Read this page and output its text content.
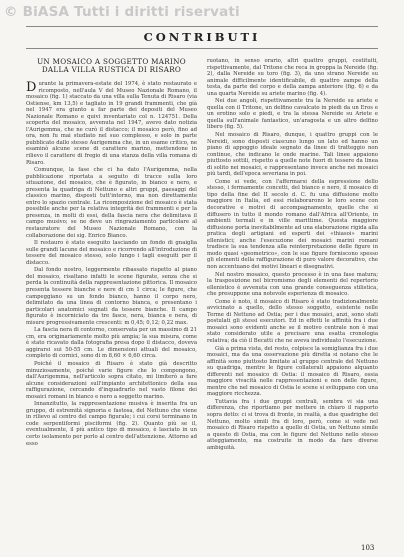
© BiASA Tutti i diritti riservati
CONTRIBUTI
UN MOSAICO A SOGGETTO MARINO
DALLA VILLA RUSTICA DI RISARO

Durante la primavera-estate del 1974, è stato restaurato e ricomposto, nell'aula V del Museo Nazionale Romano, il mosaico (fig. 1) staccato da una villa sulla Tenuta di Risaro (via Ostiense, km 13,5) e tagliato in 19 grandi frammenti, che già nel 1947 era giunto a far parte dei depositi del Museo Nazionale Romano e quivi inventariato col n. 124751. Della scoperta del mosaico, avvenuta nel 1947, avevo dato notizia l'Aurigemma, che ne curò il distacco; il mosaico però, fino ad ora, non fu mai studiato nel suo complesso, e solo in parte pubblicato dallo stesso Aurigemma che, in un esame critico, ne esaminò alcune scene di carattere marino, mettendone in rilievo il carattere di fregio di una stanza della villa romana di Risaro.

Comunque, la fase che ci ha dato l'Aurigemma, nella pubblicazione riportata a seguito di tracce sulla loro situazione, del mosaico, che è figurato, in bianco e nero, e presenta la quadriga di Nettuno e altri gruppi, paesaggi del classico marino, disposti tutt'intorno, ma non direttamente entro lo spazio centrale. La ricomposizione del mosaico è stata possibile anche per la relativa integrità dei frammenti e per la presenza, in molti di essi, della fascia nera che delimitava il campo musivo; se ne deve un ringraziamento particolare al restauratore del Museo Nazionale Romano, con la collaborazione dei sig. Enrico Bianco.

Il restauro è stato eseguito lasciando un fondo di gnaiglia sulle grandi lacune del mosaico e ricorrendo all'introduzione di tessere del mosaico stesso, solo lungo i tagli eseguiti per il distacco.

Dal fondo nostro, leggermente ribassato rispetto al piano del mosaico, risaltano infatti le scene figurate, senza che si perda la continuità della rappresentazione pittorica. Il mosaico presenta tessere bianche e nere di cm 1 circa; le figure, che campeggiano su un fondo bianco, hanno il corpo nero, delimitato da una linea di contorno bianca, e presentano i particolari anatomici segnati da tessere bianche. Il campo figurato è incorniciato da tre fasce, nera, bianca e nera, di misure progressivamente crescenti: m 0,45; 0,12; 0,22 max.

La fascia nera di contorno, conservata per un massimo di 21 cm, era originariamente molto più ampia; la sua misura, come è stato ricavato dalla fotografia presa dopo il distacco, doveva aggirarsi sui 50-55 cm. Le dimensioni attuali del mosaico, completo di cornici, sono di m 8,60 × 6,60 circa.

Poiché il mosaico di Risaro è stato già descritto minuziosamente, poiché varie figure che lo compongono, dall'Aurigemma, nell'articolo sopra citato, mi limiterò a fare alcune considerazioni sull'impianto architettonico della sua raffigurazione, cercando d'inquadrarlo nel vasto filone dei mosaici romani in bianco e nero a soggetto marino.

Innanzitutto, la rappresentazione musiva è inserita fra un gruppo, di estremità signoria e fastosa, del Nettuno che viene in rilievo al centro del campo figurale; i cui corsi terminano in code serpentiformi pisciformi (fig. 2). Quanto più se il, eventualmente, il più antico tipo di mosaico, è lasciato in un certo isolamento per porlo al centro dell'attenzione. Attorno ad esso

ruotano, in senso orario, altri quattro gruppi, costituiti, rispettivamente, dal Tritone che reca in groppa la Nereide (fig. 2), dalla Nereide su toro (fig. 3), da uno strano Nereide su animale difficilmente identificabile, di quattro zampe della testa, da parte del corpo e della zampa anteriore (fig. 6) e da una quarta Nereide su ariete marino (fig. 4).

Nei due angoli, rispettivamente tra la Nereide su ariete e quella con il Tritone, un delfino cavalcato in piedi da un Eros e un erotino solo e piedi, e tra la stessa Nereide su Ariete e quella sull'animale fantastico, un'aragosta e un altro delfino libero (fig. 5).

Nel mosaico di Risaro, dunque, i quattro gruppi con le Nereidi, sono disposti ciascuno lungo un lato ed hanno un piano di appoggio ideale segnato da linee di tratteggio non continue, che indicano le onde marine. Tali linee appaiono piuttosto sottili, rispetto a quelle note fuori di tessere da linea di solito nei mosaici, e rappresentano invece anche nei mosaici più tardi, dell'epoca severiana in poi.

Come si vede, con l'affermarsi della espressione dello stesso, i fermamente concetti, del bianco e nero, il mosaico di tipo della fine del II secolo d. C. fu una diffusione molto maggiore in Italia, ed essi rielaborarono le loro scene con decorative e motivi di accompagnamento, quelle che si diffusero in tutto il mondo romano dall'Africa all'Oriente, in ambienti termali e in ville marittime. Questa maggiore diffusione porta inevitabilmente ad una elaborazione rigida alla pratica degli artigiani ed esperti dei «thiasoi» marini ellenistici; anche l'esecuzione dei mosaici marini romani tradisce la sua tendenza alla reinterpretazione delle figure in modo quasi «geometrico», con le sue figure forniscono spesso gli elementi della raffigurazione di puro valore decorativo, che non accentuano dei motivi lineari e disegnativi.

Nel nostro mosaico, questo processo è in una fase matura; la trasposizione nel bicromismo degli elementi del repertorio ellenistico è avvenuta con una grande conseguenza stilistica, che presuppone una notevole esperienza di mosaico.

Come è noto, il mosaico di Risaro è stato tradizionalmente avvicinato a quello, dello stesso soggetto, esistente nelle Terme di Nettuno ad Ostia; per i due mosaici, anzi, sono stati postulati gli stessi esecutori. Ed in effetti le affinità fra i due mosaici sono evidenti anche se il motivo centrale non è mai stato considerato utile a precisare una esatta cronologia relativa; da ciò il Becatti che ne aveva individuato l'esecuzione.

Già a prima vista, del resto, colpisce la somiglianza fra i due mosaici, ma da una osservazione più diretta si notano che le affinità sono piuttosto limitate al gruppo centrale del Nettuno su quadriga, mentre le figure collaterali appaiono alquanto differenti nel mosaico di Ostia: il mosaico di Risaro, ossia maggiore vivacità nelle rappresentazioni e non delle figure, mentre che nel mosaico di Ostia le scene si sviluppano con una maggiore ricchezza.

Tuttavia fra i due gruppi centrali, sembra vi sia una differenza, che riportiamo per mettere in chiaro il rapporto sopra detto: ci si trova di fronte, in realtà, a due quadrighe del Nettuno, molto simili fra di loro, però, come si vede nel mosaico di Risaro rispetto a quello di Ostia, un Nettuno simile a questo di Ostia, ma con le figure del Nettuno nello stesso atteggiamento, ma costruite in modo da fare diverse ambiguità.

103
